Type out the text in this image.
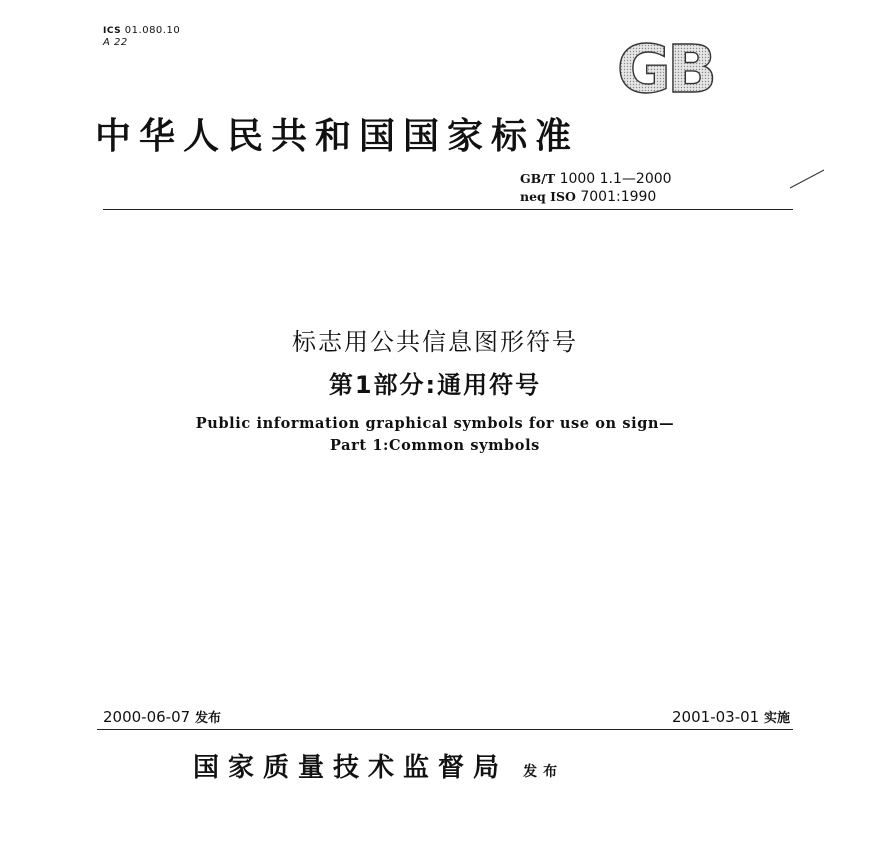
ICS 01.080.10
A 22	GB
中华人民共和国国家标准
GB/T 1000 1.1—2000
neq ISO 7001:1990
标志用公共信息图形符号
第1部分:通用符号
Public information graphical symbols for use on sign—
Part 1:Common symbols
2000-06-07 发布	2001-03-01 实施
国家质量技术监督局 发布
